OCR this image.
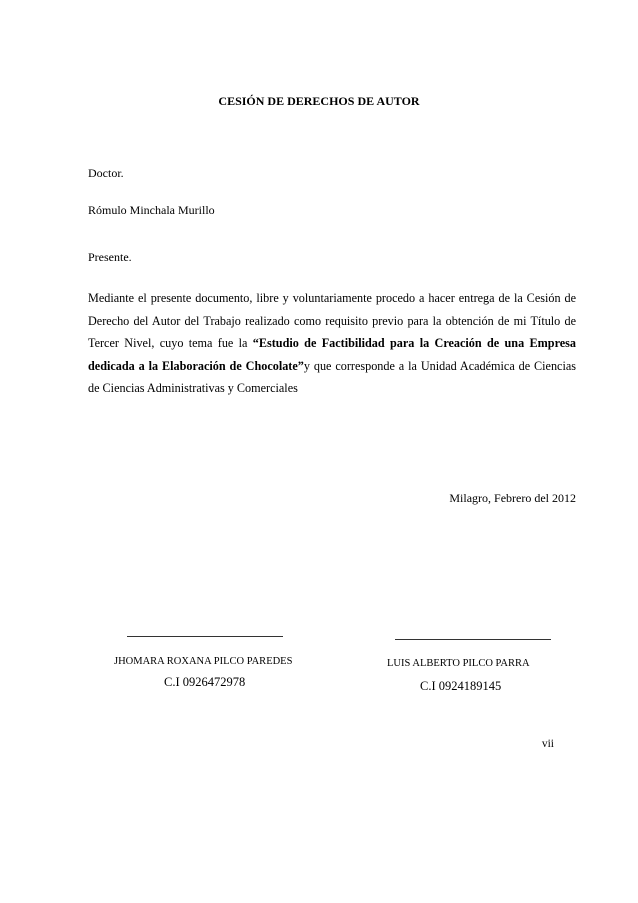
CESIÓN DE DERECHOS DE AUTOR
Doctor.
Rómulo Minchala Murillo
Presente.
Mediante el presente documento, libre y voluntariamente procedo a hacer entrega de la Cesión de Derecho del Autor del Trabajo realizado como requisito previo para la obtención de mi Título de Tercer Nivel, cuyo tema fue la “Estudio de Factibilidad para la Creación de una Empresa dedicada a la Elaboración de Chocolate”y que corresponde a la Unidad Académica de Ciencias de Ciencias Administrativas y Comerciales
Milagro, Febrero del 2012
JHOMARA ROXANA PILCO PAREDES
C.I 0926472978
LUIS ALBERTO PILCO PARRA
C.I 0924189145
vii
